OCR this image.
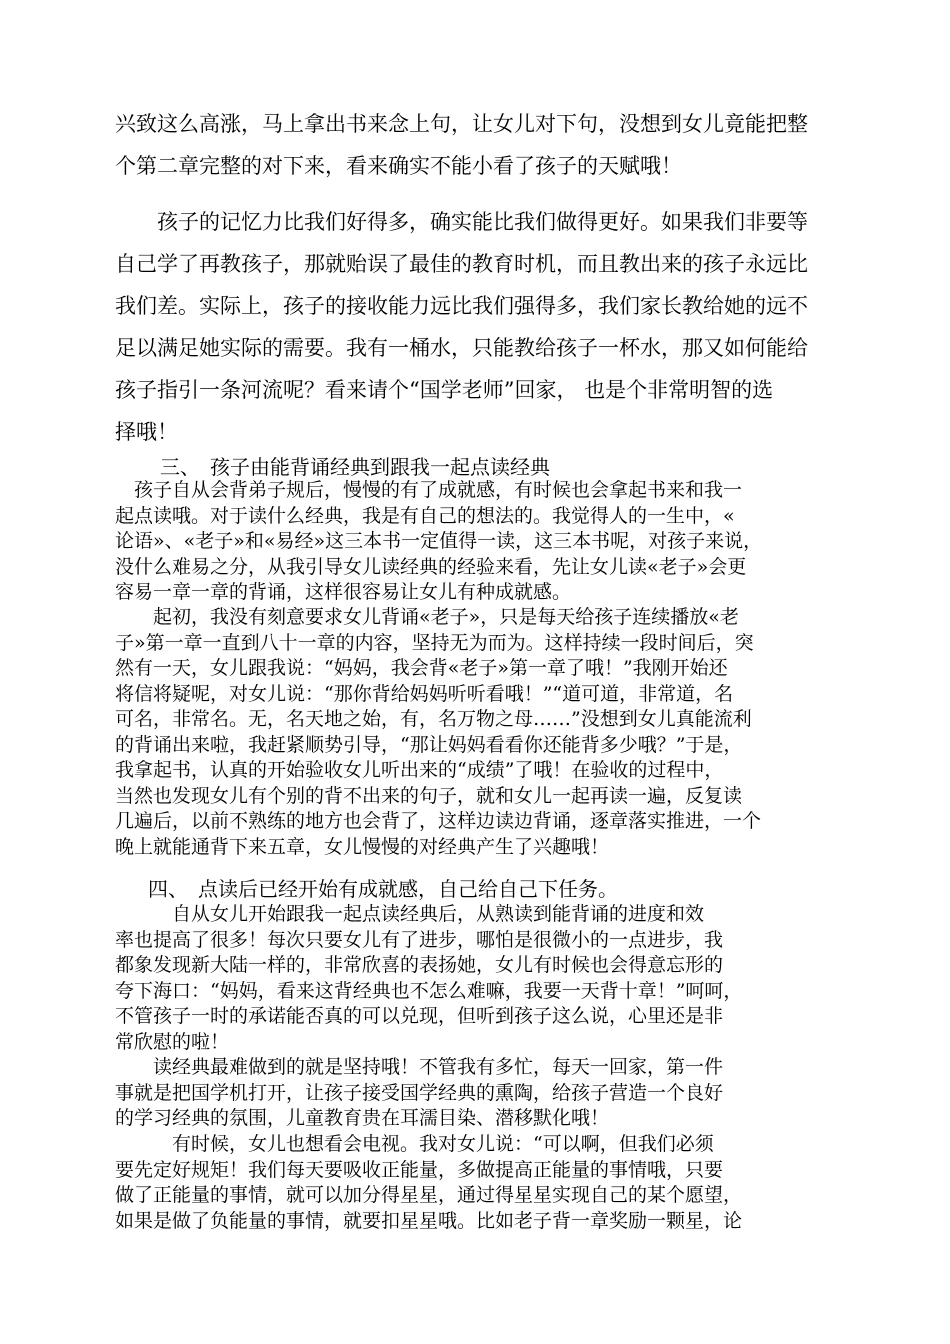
兴致这么高涨，马上拿出书来念上句，让女儿对下句，没想到女儿竟能把整
个第二章完整的对下来，看来确实不能小看了孩子的天赋哦！
　　孩子的记忆力比我们好得多，确实能比我们做得更好。如果我们非要等
自己学了再教孩子，那就贻误了最佳的教育时机，而且教出来的孩子永远比
我们差。实际上，孩子的接收能力远比我们强得多，我们家长教给她的远不
足以满足她实际的需要。我有一桶水，只能教给孩子一杯水，那又如何能给
孩子指引一条河流呢？看来请个“国学老师”回家， 也是个非常明智的选
择哦！
三、　孩子由能背诵经典到跟我一起点读经典
　孩子自从会背弟子规后，慢慢的有了成就感，有时候也会拿起书来和我一
起点读哦。对于读什么经典，我是有自己的想法的。我觉得人的一生中，«
论语»、«老子»和«易经»这三本书一定值得一读，这三本书呢，对孩子来说，
没什么难易之分，从我引导女儿读经典的经验来看，先让女儿读«老子»会更
容易一章一章的背诵，这样很容易让女儿有种成就感。
　　起初，我没有刻意要求女儿背诵«老子»，只是每天给孩子连续播放«老
子»第一章一直到八十一章的内容，坚持无为而为。这样持续一段时间后，突
然有一天，女儿跟我说：“妈妈，我会背«老子»第一章了哦！”我刚开始还
将信将疑呢，对女儿说：“那你背给妈妈听听看哦！”“道可道，非常道，名
可名，非常名。无，名天地之始，有，名万物之母……”没想到女儿真能流利
的背诵出来啦，我赶紧顺势引导，“那让妈妈看看你还能背多少哦？”于是，
我拿起书，认真的开始验收女儿听出来的“成绩”了哦！在验收的过程中，
当然也发现女儿有个别的背不出来的句子，就和女儿一起再读一遍，反复读
几遍后，以前不熟练的地方也会背了，这样边读边背诵，逐章落实推进，一个
晚上就能通背下来五章，女儿慢慢的对经典产生了兴趣哦！
四、　点读后已经开始有成就感，自己给自己下任务。
　　　自从女儿开始跟我一起点读经典后，从熟读到能背诵的进度和效
率也提高了很多！每次只要女儿有了进步，哪怕是很微小的一点进步，我
都象发现新大陆一样的，非常欣喜的表扬她，女儿有时候也会得意忘形的
夸下海口：“妈妈，看来这背经典也不怎么难嘛，我要一天背十章！”呵呵，
不管孩子一时的承诺能否真的可以兑现，但听到孩子这么说，心里还是非
常欣慰的啦！
　　读经典最难做到的就是坚持哦！不管我有多忙，每天一回家，第一件
事就是把国学机打开，让孩子接受国学经典的熏陶，给孩子营造一个良好
的学习经典的氛围，儿童教育贵在耳濡目染、潜移默化哦！
　　　有时候，女儿也想看会电视。我对女儿说：“可以啊，但我们必须
要先定好规矩！我们每天要吸收正能量，多做提高正能量的事情哦，只要
做了正能量的事情，就可以加分得星星，通过得星星实现自己的某个愿望，
如果是做了负能量的事情，就要扣星星哦。比如老子背一章奖励一颗星，论
